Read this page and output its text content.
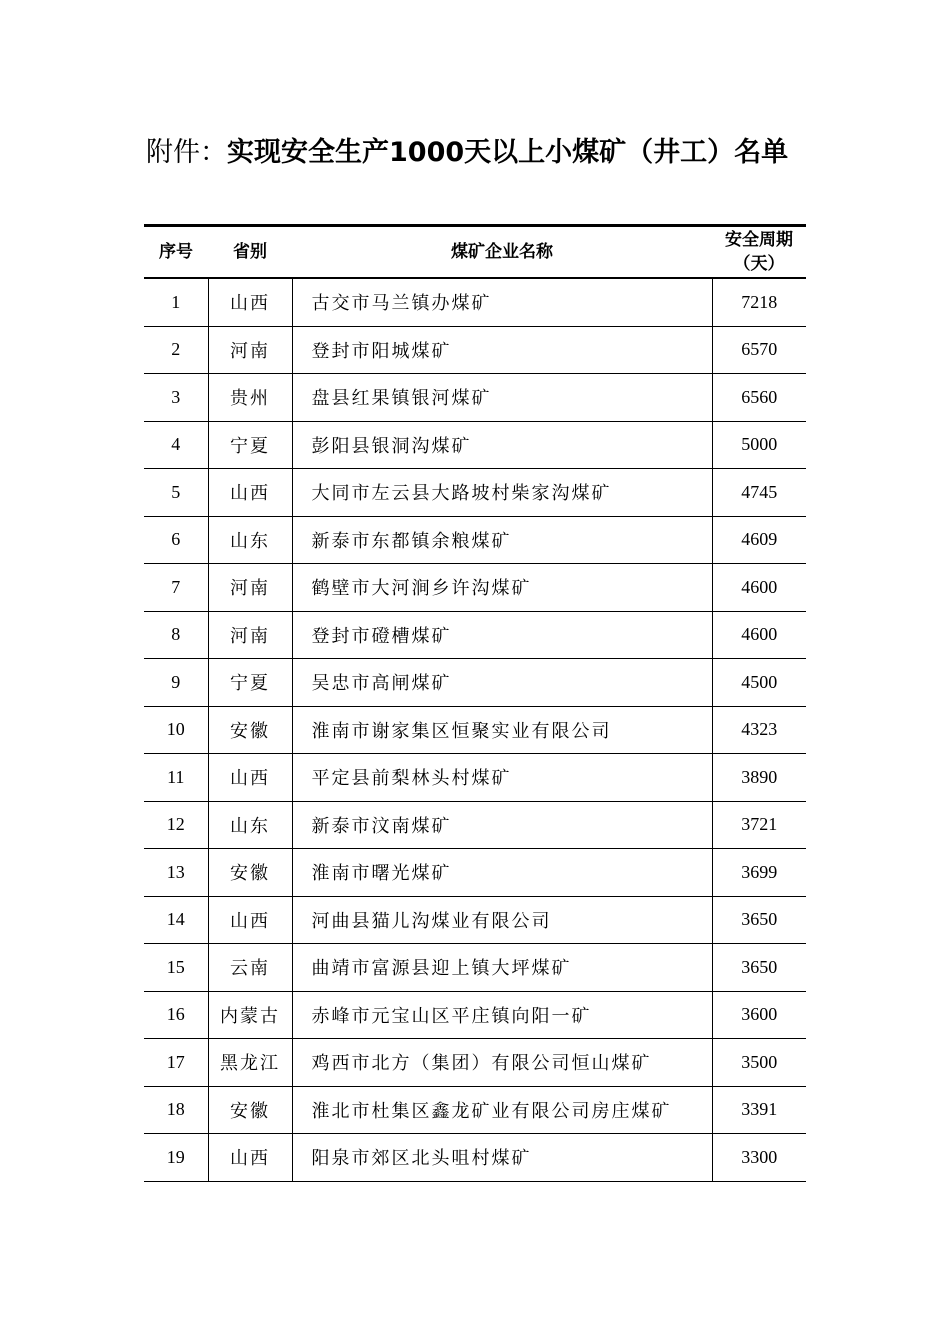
附件：实现安全生产1000天以上小煤矿（井工）名单
序号	省别	煤矿企业名称	安全周期
（天）

1	山西	古交市马兰镇办煤矿	7218
2	河南	登封市阳城煤矿	6570
3	贵州	盘县红果镇银河煤矿	6560
4	宁夏	彭阳县银洞沟煤矿	5000
5	山西	大同市左云县大路坡村柴家沟煤矿	4745
6	山东	新泰市东都镇余粮煤矿	4609
7	河南	鹤壁市大河涧乡许沟煤矿	4600
8	河南	登封市磴槽煤矿	4600
9	宁夏	吴忠市高闸煤矿	4500
10	安徽	淮南市谢家集区恒聚实业有限公司	4323
11	山西	平定县前梨林头村煤矿	3890
12	山东	新泰市汶南煤矿	3721
13	安徽	淮南市曙光煤矿	3699
14	山西	河曲县猫儿沟煤业有限公司	3650
15	云南	曲靖市富源县迎上镇大坪煤矿	3650
16	内蒙古	赤峰市元宝山区平庄镇向阳一矿	3600
17	黑龙江	鸡西市北方（集团）有限公司恒山煤矿	3500
18	安徽	淮北市杜集区鑫龙矿业有限公司房庄煤矿	3391
19	山西	阳泉市郊区北头咀村煤矿	3300
